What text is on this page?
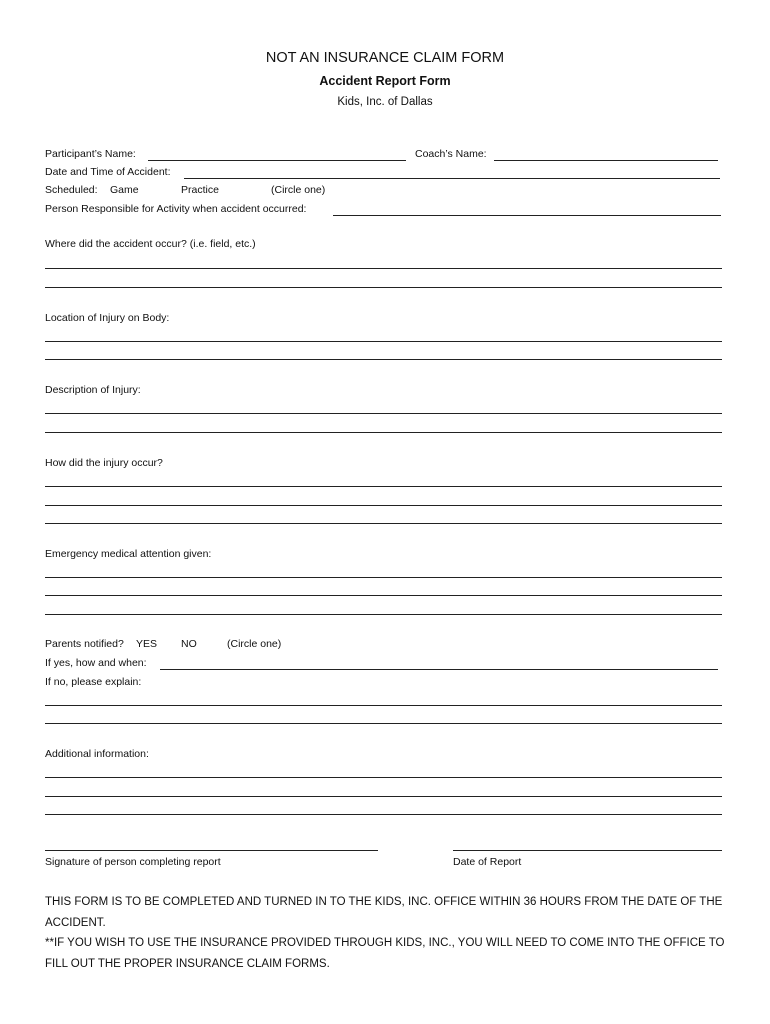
NOT AN INSURANCE CLAIM FORM
Accident Report Form
Kids, Inc. of Dallas
Participant’s Name:	Coach’s Name:
Date and Time of Accident:
Scheduled: Game	Practice	(Circle one)
Person Responsible for Activity when accident occurred:
Where did the accident occur? (i.e. field, etc.)
Location of Injury on Body:
Description of Injury:
How did the injury occur?
Emergency medical attention given:
Parents notified? YES NO	(Circle one)
If yes, how and when:
If no, please explain:
Additional information:
Signature of person completing report	Date of Report
THIS FORM IS TO BE COMPLETED AND TURNED IN TO THE KIDS, INC. OFFICE WITHIN 36 HOURS FROM THE DATE OF THE ACCIDENT.
**IF YOU WISH TO USE THE INSURANCE PROVIDED THROUGH KIDS, INC., YOU WILL NEED TO COME INTO THE OFFICE TO FILL OUT THE PROPER INSURANCE CLAIM FORMS.
